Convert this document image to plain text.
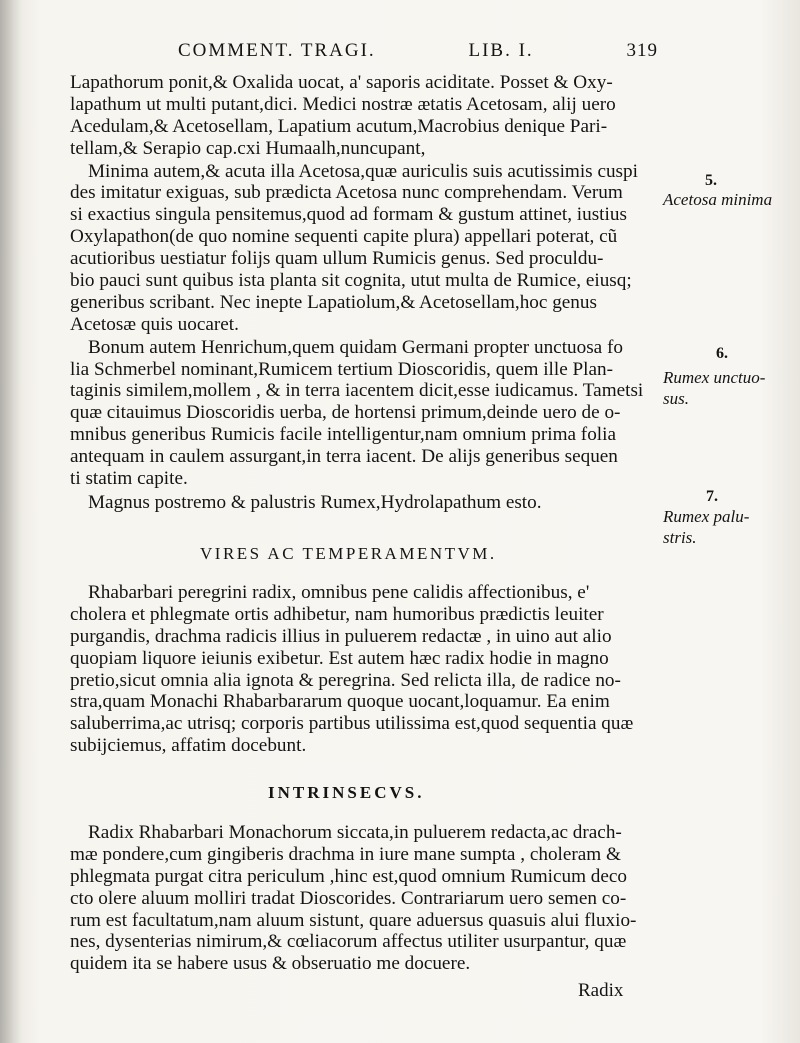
COMMENT. TRAGI.	LIB. I.	319
Lapathorum ponit,& Oxalida uocat, a' saporis aciditate. Posset & Oxy-
lapathum ut multi putant,dici. Medici nostræ ætatis Acetosam, alij uero
Acedulam,& Acetosellam, Lapatium acutum,Macrobius denique Pari-
tellam,& Serapio cap.cxi Humaalh,nuncupant,
Minima autem,& acuta illa Acetosa,quæ auriculis suis acutissimis cuspi
des imitatur exiguas, sub prædicta Acetosa nunc comprehendam. Verum
si exactius singula pensitemus,quod ad formam & gustum attinet, iustius
Oxylapathon(de quo nomine sequenti capite plura) appellari poterat, cũ
acutioribus uestiatur folijs quam ullum Rumicis genus. Sed proculdu-
bio pauci sunt quibus ista planta sit cognita, utut multa de Rumice, eiusq;
generibus scribant. Nec inepte Lapatiolum,& Acetosellam,hoc genus
Acetosæ quis uocaret.
Bonum autem Henrichum,quem quidam Germani propter unctuosa fo
lia Schmerbel nominant,Rumicem tertium Dioscoridis, quem ille Plan-
taginis similem,mollem , & in terra iacentem dicit,esse iudicamus. Tametsi
quæ citauimus Dioscoridis uerba, de hortensi primum,deinde uero de o-
mnibus generibus Rumicis facile intelligentur,nam omnium prima folia
antequam in caulem assurgant,in terra iacent. De alijs generibus sequen
ti statim capite.
Magnus postremo & palustris Rumex,Hydrolapathum esto.
VIRES AC TEMPERAMENTVM.
Rhabarbari peregrini radix, omnibus pene calidis affectionibus, e'
cholera et phlegmate ortis adhibetur, nam humoribus prædictis leuiter
purgandis, drachma radicis illius in puluerem redactæ , in uino aut alio
quopiam liquore ieiunis exibetur. Est autem hæc radix hodie in magno
pretio,sicut omnia alia ignota & peregrina. Sed relicta illa, de radice no-
stra,quam Monachi Rhabarbararum quoque uocant,loquamur. Ea enim
saluberrima,ac utrisq; corporis partibus utilissima est,quod sequentia quæ
subijciemus, affatim docebunt.
INTRINSECVS.
Radix Rhabarbari Monachorum siccata,in puluerem redacta,ac drach-
mæ pondere,cum gingiberis drachma in iure mane sumpta , choleram &
phlegmata purgat citra periculum ,hinc est,quod omnium Rumicum deco
cto olere aluum molliri tradat Dioscorides. Contrariarum uero semen co-
rum est facultatum,nam aluum sistunt, quare aduersus quasuis alui fluxio-
nes, dysenterias nimirum,& cœliacorum affectus utiliter usurpantur, quæ
quidem ita se habere usus & obseruatio me docuere.
5.
Acetosa minima
6.
Rumex unctuo-
sus.
7.
Rumex palu-
stris.
Radix
